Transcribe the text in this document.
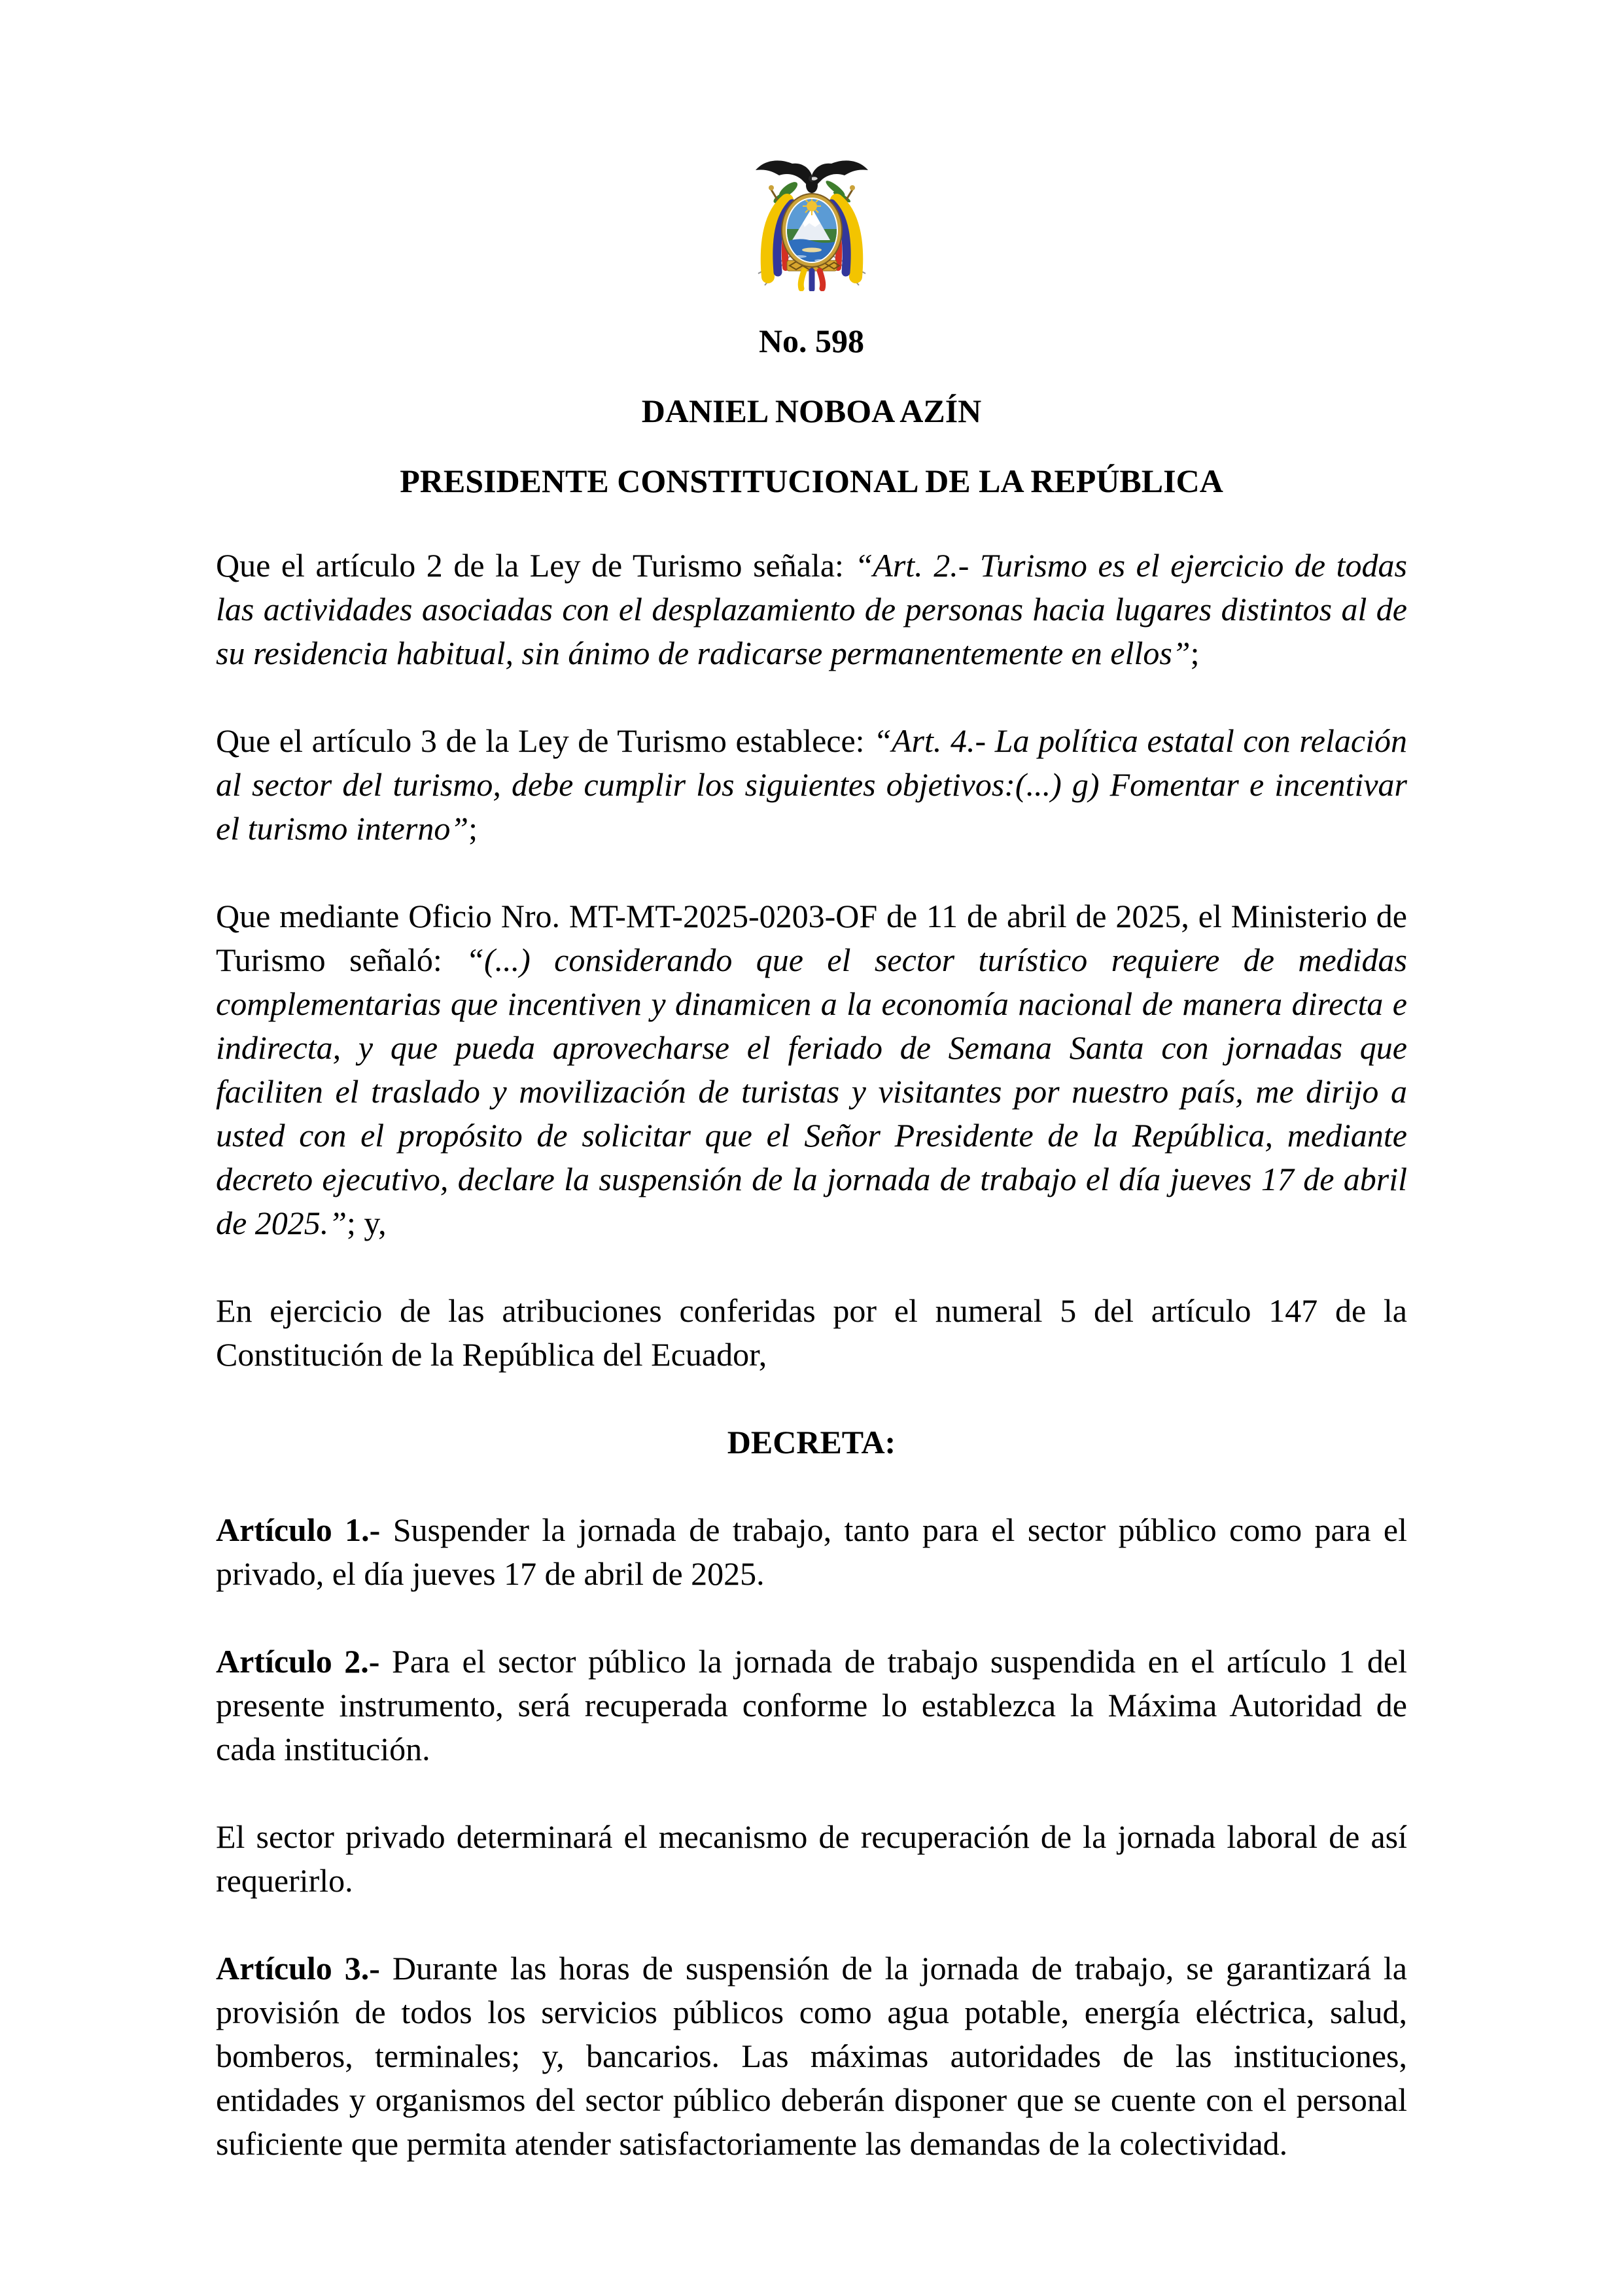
No. 598
DANIEL NOBOA AZÍN
PRESIDENTE CONSTITUCIONAL DE LA REPÚBLICA

Que el artículo 2 de la Ley de Turismo señala: “Art. 2.- Turismo es el ejercicio de todas las actividades asociadas con el desplazamiento de personas hacia lugares distintos al de su residencia habitual, sin ánimo de radicarse permanentemente en ellos”;

Que el artículo 3 de la Ley de Turismo establece: “Art. 4.- La política estatal con relación al sector del turismo, debe cumplir los siguientes objetivos:(...) g) Fomentar e incentivar el turismo interno”;

Que mediante Oficio Nro. MT-MT-2025-0203-OF de 11 de abril de 2025, el Ministerio de Turismo señaló: “(...) considerando que el sector turístico requiere de medidas complementarias que incentiven y dinamicen a la economía nacional de manera directa e indirecta, y que pueda aprovecharse el feriado de Semana Santa con jornadas que faciliten el traslado y movilización de turistas y visitantes por nuestro país, me dirijo a usted con el propósito de solicitar que el Señor Presidente de la República, mediante decreto ejecutivo, declare la suspensión de la jornada de trabajo el día jueves 17 de abril de 2025.”; y,

En ejercicio de las atribuciones conferidas por el numeral 5 del artículo 147 de la Constitución de la República del Ecuador,

DECRETA:

Artículo 1.- Suspender la jornada de trabajo, tanto para el sector público como para el privado, el día jueves 17 de abril de 2025.

Artículo 2.- Para el sector público la jornada de trabajo suspendida en el artículo 1 del presente instrumento, será recuperada conforme lo establezca la Máxima Autoridad de cada institución.

El sector privado determinará el mecanismo de recuperación de la jornada laboral de así requerirlo.

Artículo 3.- Durante las horas de suspensión de la jornada de trabajo, se garantizará la provisión de todos los servicios públicos como agua potable, energía eléctrica, salud, bomberos, terminales; y, bancarios. Las máximas autoridades de las instituciones, entidades y organismos del sector público deberán disponer que se cuente con el personal suficiente que permita atender satisfactoriamente las demandas de la colectividad.
